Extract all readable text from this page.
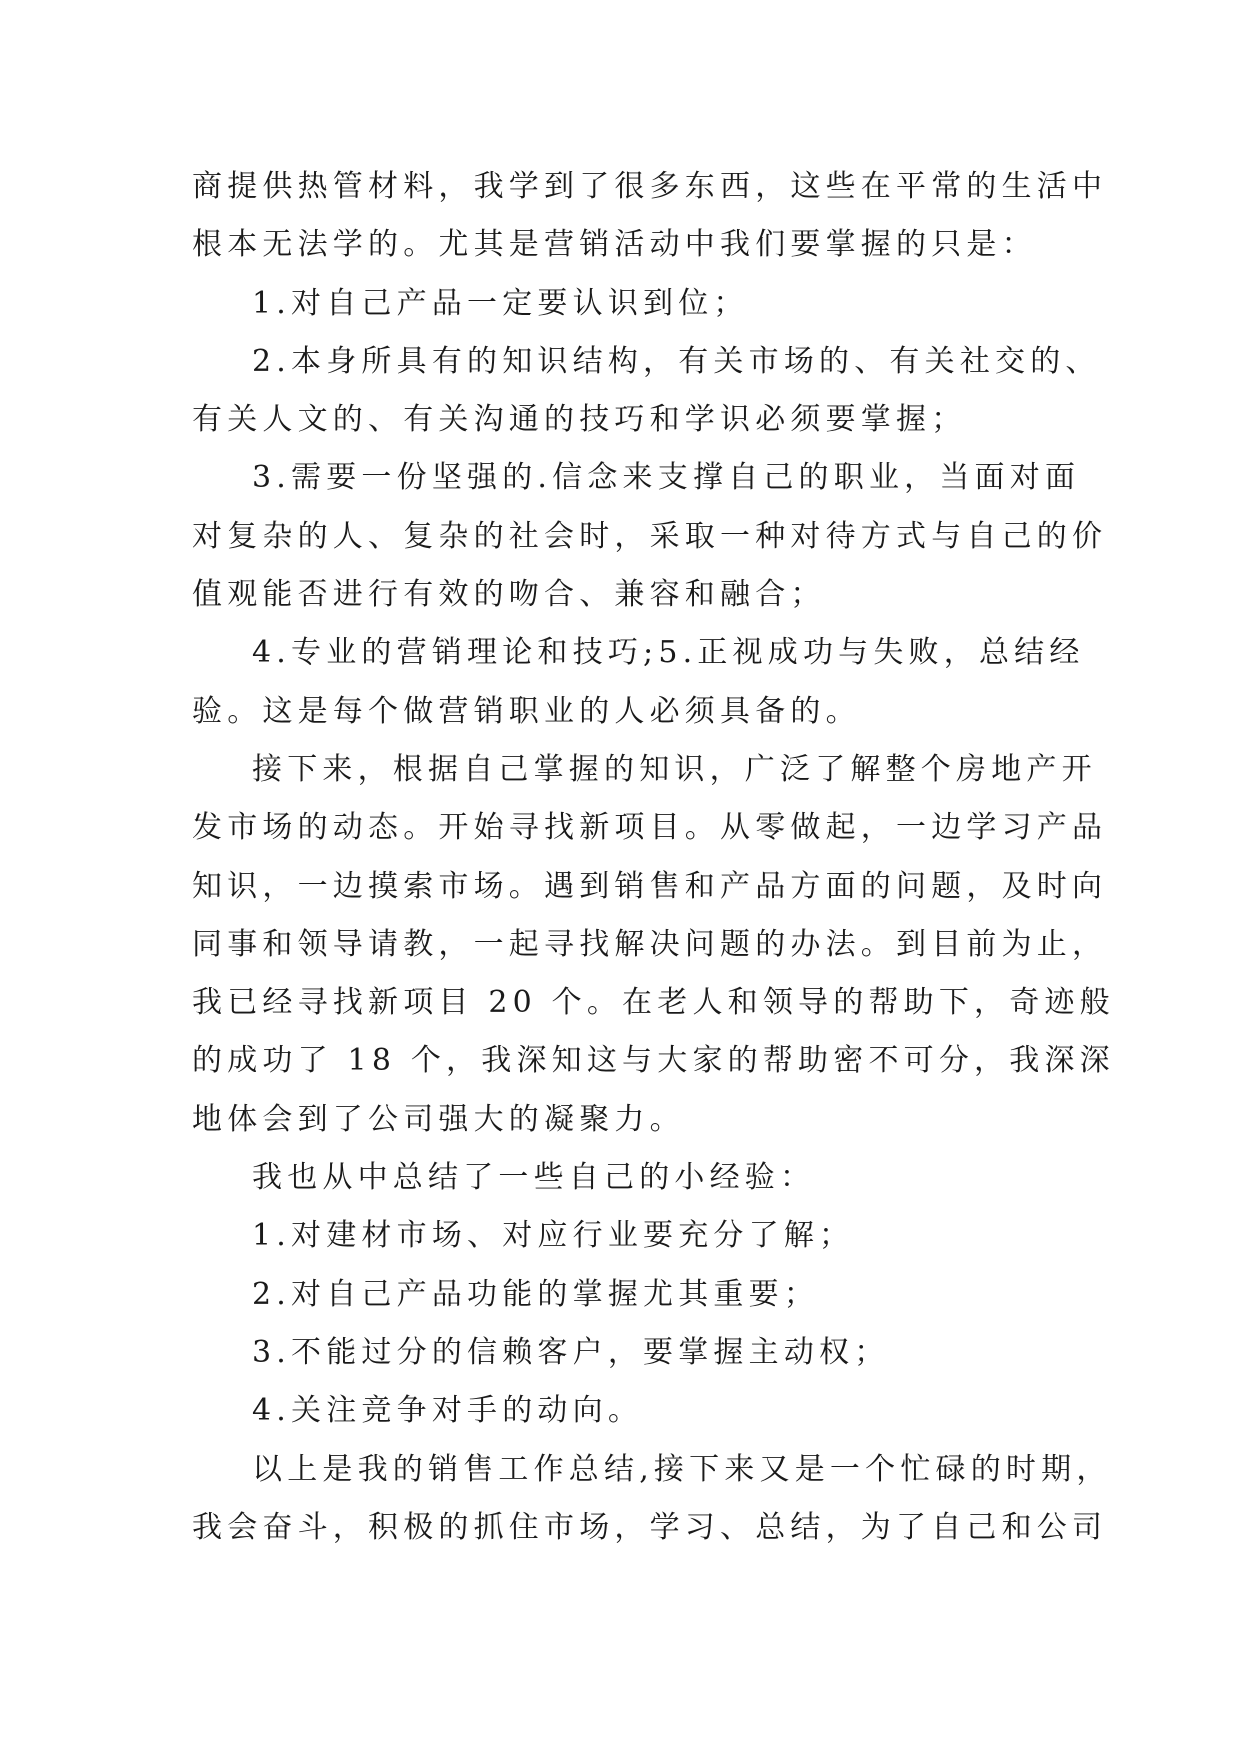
商提供热管材料，我学到了很多东西，这些在平常的生活中
根本无法学的。尤其是营销活动中我们要掌握的只是：
1.对自己产品一定要认识到位；
2.本身所具有的知识结构，有关市场的、有关社交的、
有关人文的、有关沟通的技巧和学识必须要掌握；
3.需要一份坚强的.信念来支撑自己的职业，当面对面
对复杂的人、复杂的社会时，采取一种对待方式与自己的价
值观能否进行有效的吻合、兼容和融合；
4.专业的营销理论和技巧;5.正视成功与失败，总结经
验。这是每个做营销职业的人必须具备的。
接下来，根据自己掌握的知识，广泛了解整个房地产开
发市场的动态。开始寻找新项目。从零做起，一边学习产品
知识，一边摸索市场。遇到销售和产品方面的问题，及时向
同事和领导请教，一起寻找解决问题的办法。到目前为止，
我已经寻找新项目 20 个。在老人和领导的帮助下，奇迹般
的成功了 18 个，我深知这与大家的帮助密不可分，我深深
地体会到了公司强大的凝聚力。
我也从中总结了一些自己的小经验：
1.对建材市场、对应行业要充分了解；
2.对自己产品功能的掌握尤其重要；
3.不能过分的信赖客户，要掌握主动权；
4.关注竞争对手的动向。
以上是我的销售工作总结,接下来又是一个忙碌的时期，
我会奋斗，积极的抓住市场，学习、总结，为了自己和公司
